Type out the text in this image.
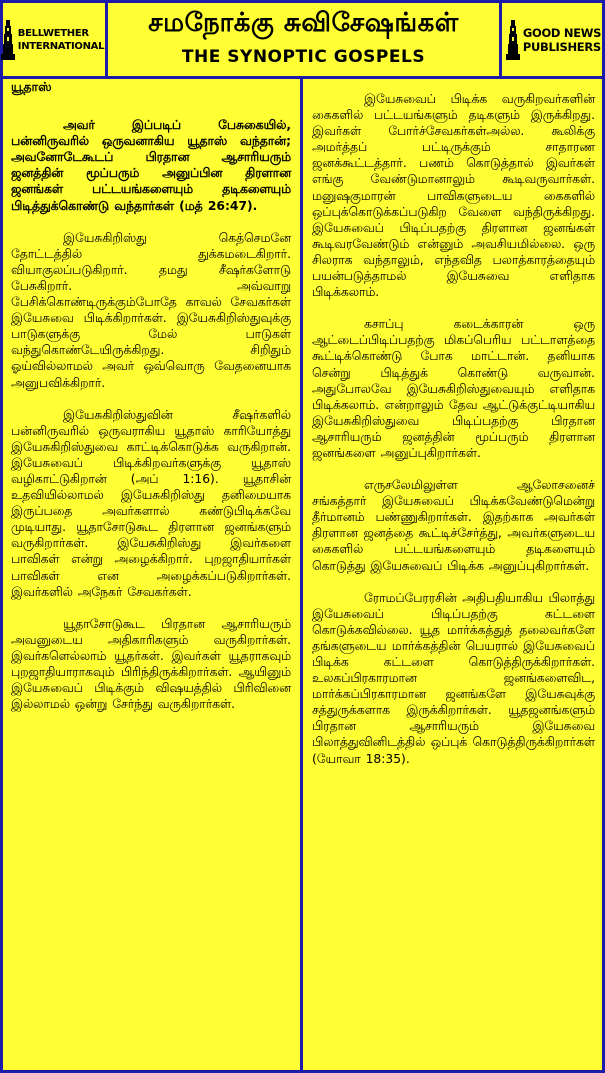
BELLWETHER
INTERNATIONAL
சமநோக்கு சுவிசேஷங்கள்
THE SYNOPTIC GOSPELS
GOOD NEWS
PUBLISHERS

யூதாஸ்

அவர் இப்படிப் பேசுகையில், பன்னிருவரில் ஒருவனாகிய யூதாஸ் வந்தான்; அவனோடேகூடப் பிரதான ஆசாரியரும் ஜனத்தின் மூப்பரும் அனுப்பின திரளான ஜனங்கள் பட்டயங்களையும் தடிகளையும் பிடித்துக்கொண்டு வந்தார்கள் (மத் 26:47).

இயேசுகிறிஸ்து கெத்செமனே தோட்டத்தில் துக்கமடைகிறார். வியாகுலப்படுகிறார். தமது சீஷர்களோடு பேசுகிறார். அவ்வாறு பேசிக்கொண்டிருக்கும்போதே காவல் சேவகர்கள் இயேசுவை பிடிக்கிறார்கள். இயேசுகிறிஸ்துவுக்கு பாடுகளுக்கு மேல் பாடுகள் வந்துகொண்டேயிருக்கிறது. சிறிதும் ஓய்வில்லாமல் அவர் ஒவ்வொரு வேதனையாக அனுபவிக்கிறார்.

இயேசுகிறிஸ்துவின் சீஷர்களில் பன்னிருவரில் ஒருவராகிய யூதாஸ் காரியோத்து இயேசுகிறிஸ்துவை காட்டிக்கொடுக்க வருகிறான். இயேசுவைப் பிடிக்கிறவர்களுக்கு யூதாஸ் வழிகாட்டுகிறான் (அப் 1:16). யூதாசின் உதவியில்லாமல் இயேசுகிறிஸ்து தனிமையாக இருப்பதை அவர்களால் கண்டுபிடிக்கவே முடியாது. யூதாசோடுகூட திரளான ஜனங்களும் வருகிறார்கள். இயேசுகிறிஸ்து இவர்களை பாவிகள் என்று அழைக்கிறார். புறஜாதியார்கள் பாவிகள் என அழைக்கப்படுகிறார்கள். இவர்களில் அநேகர் சேவகர்கள்.

யூதாசோடுகூட பிரதான ஆசாரியரும் அவனுடைய அதிகாரிகளும் வருகிறார்கள். இவர்களெல்லாம் யூதர்கள். இவர்கள் யூதராகவும் புறஜாதியாராகவும் பிரிந்திருக்கிறார்கள். ஆயினும் இயேசுவைப் பிடிக்கும் விஷயத்தில் பிரிவினை இல்லாமல் ஒன்று சேர்ந்து வருகிறார்கள்.

இயேசுவைப் பிடிக்க வருகிறவர்களின் கைகளில் பட்டயங்களும் தடிகளும் இருக்கிறது. இவர்கள் போர்ச்சேவகர்கள்அல்ல. கூலிக்கு அமர்த்தப் பட்டிருக்கும் சாதாரண ஜனக்கூட்டத்தார். பணம் கொடுத்தால் இவர்கள் எங்கு வேண்டுமானாலும் கூடிவருவார்கள். மனுஷகுமாரன் பாவிகளுடைய கைகளில் ஒப்புக்கொடுக்கப்படுகிற வேளை வந்திருக்கிறது. இயேசுவைப் பிடிப்பதற்கு திரளான ஜனங்கள் கூடிவரவேண்டும் என்னும் அவசியமில்லை. ஒரு சிலராக வந்தாலும், எந்தவித பலாத்காரத்தையும் பயன்படுத்தாமல் இயேசுவை எளிதாக பிடிக்கலாம்.

கசாப்பு கடைக்காரன் ஒரு ஆட்டைப்பிடிப்பதற்கு மிகப்பெரிய பட்டாளத்தை கூட்டிக்கொண்டு போக மாட்டான். தனியாக சென்று பிடித்துக் கொண்டு வருவான். அதுபோலவே இயேசுகிறிஸ்துவையும் எளிதாக பிடிக்கலாம். என்றாலும் தேவ ஆட்டுக்குட்டியாகிய இயேசுகிறிஸ்துவை பிடிப்பதற்கு பிரதான ஆசாரியரும் ஜனத்தின் மூப்பரும் திரளான ஜனங்களை அனுப்புகிறார்கள்.

எருசலேமிலுள்ள ஆலோசனைச் சங்கத்தார் இயேசுவைப் பிடிக்கவேண்டுமென்று தீர்மானம் பண்ணுகிறார்கள். இதற்காக அவர்கள் திரளான ஜனத்தை கூட்டிச்சேர்த்து, அவர்களுடைய கைகளில் பட்டயங்களையும் தடிகளையும் கொடுத்து இயேசுவைப் பிடிக்க அனுப்புகிறார்கள்.

ரோமப்பேரரசின் அதிபதியாகிய பிலாத்து இயேசுவைப் பிடிப்பதற்கு கட்டளை கொடுக்கவில்லை. யூத மார்க்கத்துத் தலைவர்களே தங்களுடைய மார்க்கத்தின் பெயரால் இயேசுவைப் பிடிக்க கட்டளை கொடுத்திருக்கிறார்கள். உலகப்பிரகாரமான ஜனங்களைவிட, மார்க்கப்பிரகாரமான ஜனங்களே இயேசுவுக்கு சத்துருக்களாக இருக்கிறார்கள். யூதஜனங்களும் பிரதான ஆசாரியரும் இயேசுவை பிலாத்துவினிடத்தில் ஒப்புக் கொடுத்திருக்கிறார்கள் (யோவா 18:35).
